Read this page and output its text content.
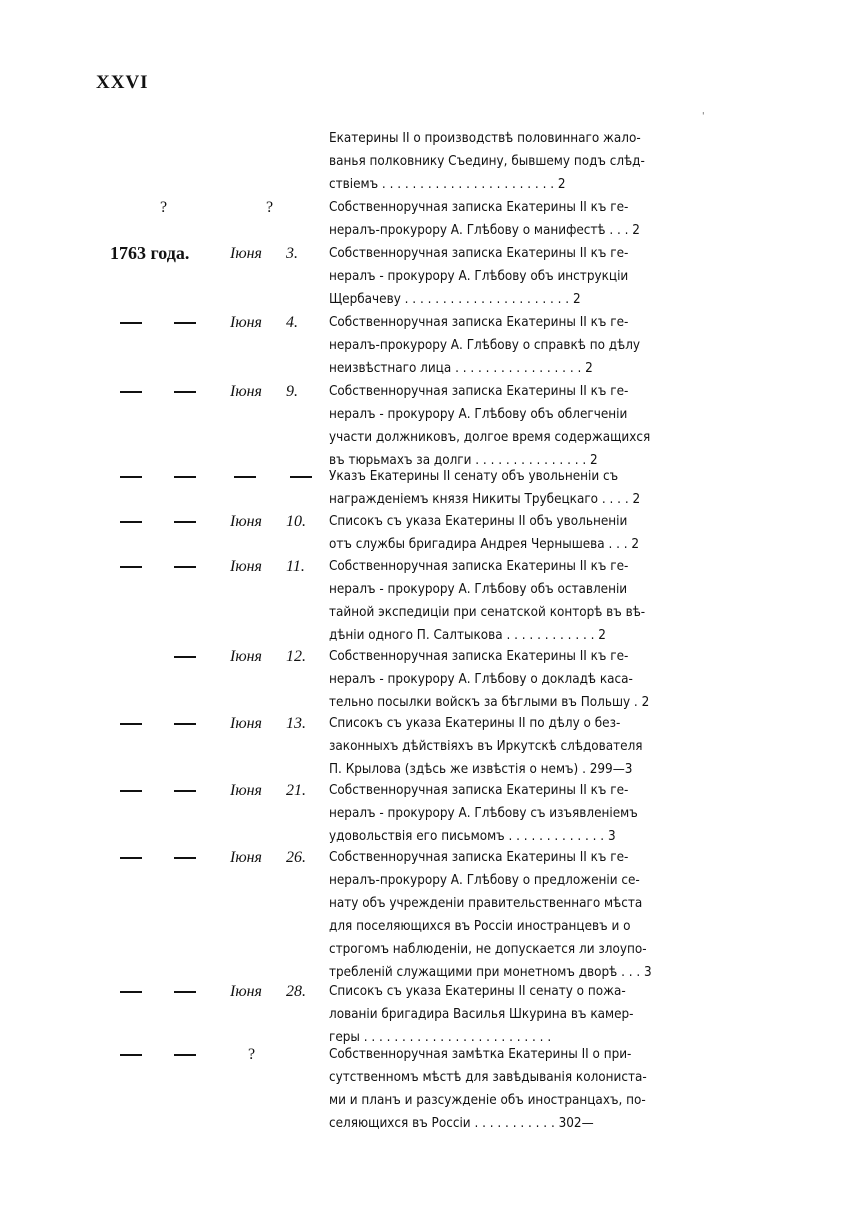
XXVI
'
Екатерины II о производствѣ половиннаго жало-
ванья полковнику Съедину, бывшему подъ слѣд-
ствіемъ . . . . . . . . . . . . . . . . . . . . . . . 2
?	?	Собственноручная записка Екатерины II къ ге-
нералъ-прокурору А. Глѣбову о манифестѣ . . . 2
1763 года.	Іюня	3.	Собственноручная записка Екатерины II къ ге-
нералъ - прокурору А. Глѣбову объ инструкціи
Щербачеву . . . . . . . . . . . . . . . . . . . . . . 2
Іюня	4.	Собственноручная записка Екатерины II къ ге-
нералъ-прокурору А. Глѣбову о справкѣ по дѣлу
неизвѣстнаго лица . . . . . . . . . . . . . . . . . 2
Іюня	9.	Собственноручная записка Екатерины II къ ге-
нералъ - прокурору А. Глѣбову объ облегченіи
участи должниковъ, долгое время содержащихся
въ тюрьмахъ за долги . . . . . . . . . . . . . . . 2
Указъ Екатерины II сенату объ увольненіи съ
награжденіемъ князя Никиты Трубецкаго . . . . 2
Іюня	10.	Списокъ съ указа Екатерины II объ увольненіи
отъ службы бригадира Андрея Чернышева . . . 2
Іюня	11.	Собственноручная записка Екатерины II къ ге-
нералъ - прокурору А. Глѣбову объ оставленіи
тайной экспедиціи при сенатской конторѣ въ вѣ-
дѣніи одного П. Салтыкова . . . . . . . . . . . . 2
Іюня	12.	Собственноручная записка Екатерины II къ ге-
нералъ - прокурору А. Глѣбову о докладѣ каса-
тельно посылки войскъ за бѣглыми въ Польшу . 2
Іюня	13.	Списокъ съ указа Екатерины II по дѣлу о без-
законныхъ дѣйствіяхъ въ Иркутскѣ слѣдователя
П. Крылова (здѣсь же извѣстія о немъ) . 299—3
Іюня	21.	Собственноручная записка Екатерины II къ ге-
нералъ - прокурору А. Глѣбову съ изъявленіемъ
удовольствія его письмомъ . . . . . . . . . . . . . 3
Іюня	26.	Собственноручная записка Екатерины II къ ге-
нералъ-прокурору А. Глѣбову о предложеніи се-
нату объ учрежденіи правительственнаго мѣста
для поселяющихся въ Россіи иностранцевъ и о
строгомъ наблюденіи, не допускается ли злоупо-
требленій служащими при монетномъ дворѣ . . . 3
Іюня	28.	Списокъ съ указа Екатерины II сенату о пожа-
лованіи бригадира Василья Шкурина въ камер-
геры . . . . . . . . . . . . . . . . . . . . . . . . .
?	Собственноручная замѣтка Екатерины II о при-
сутственномъ мѣстѣ для завѣдыванія колониста-
ми и планъ и разсужденіе объ иностранцахъ, по-
селяющихся въ Россіи . . . . . . . . . . . 302—
